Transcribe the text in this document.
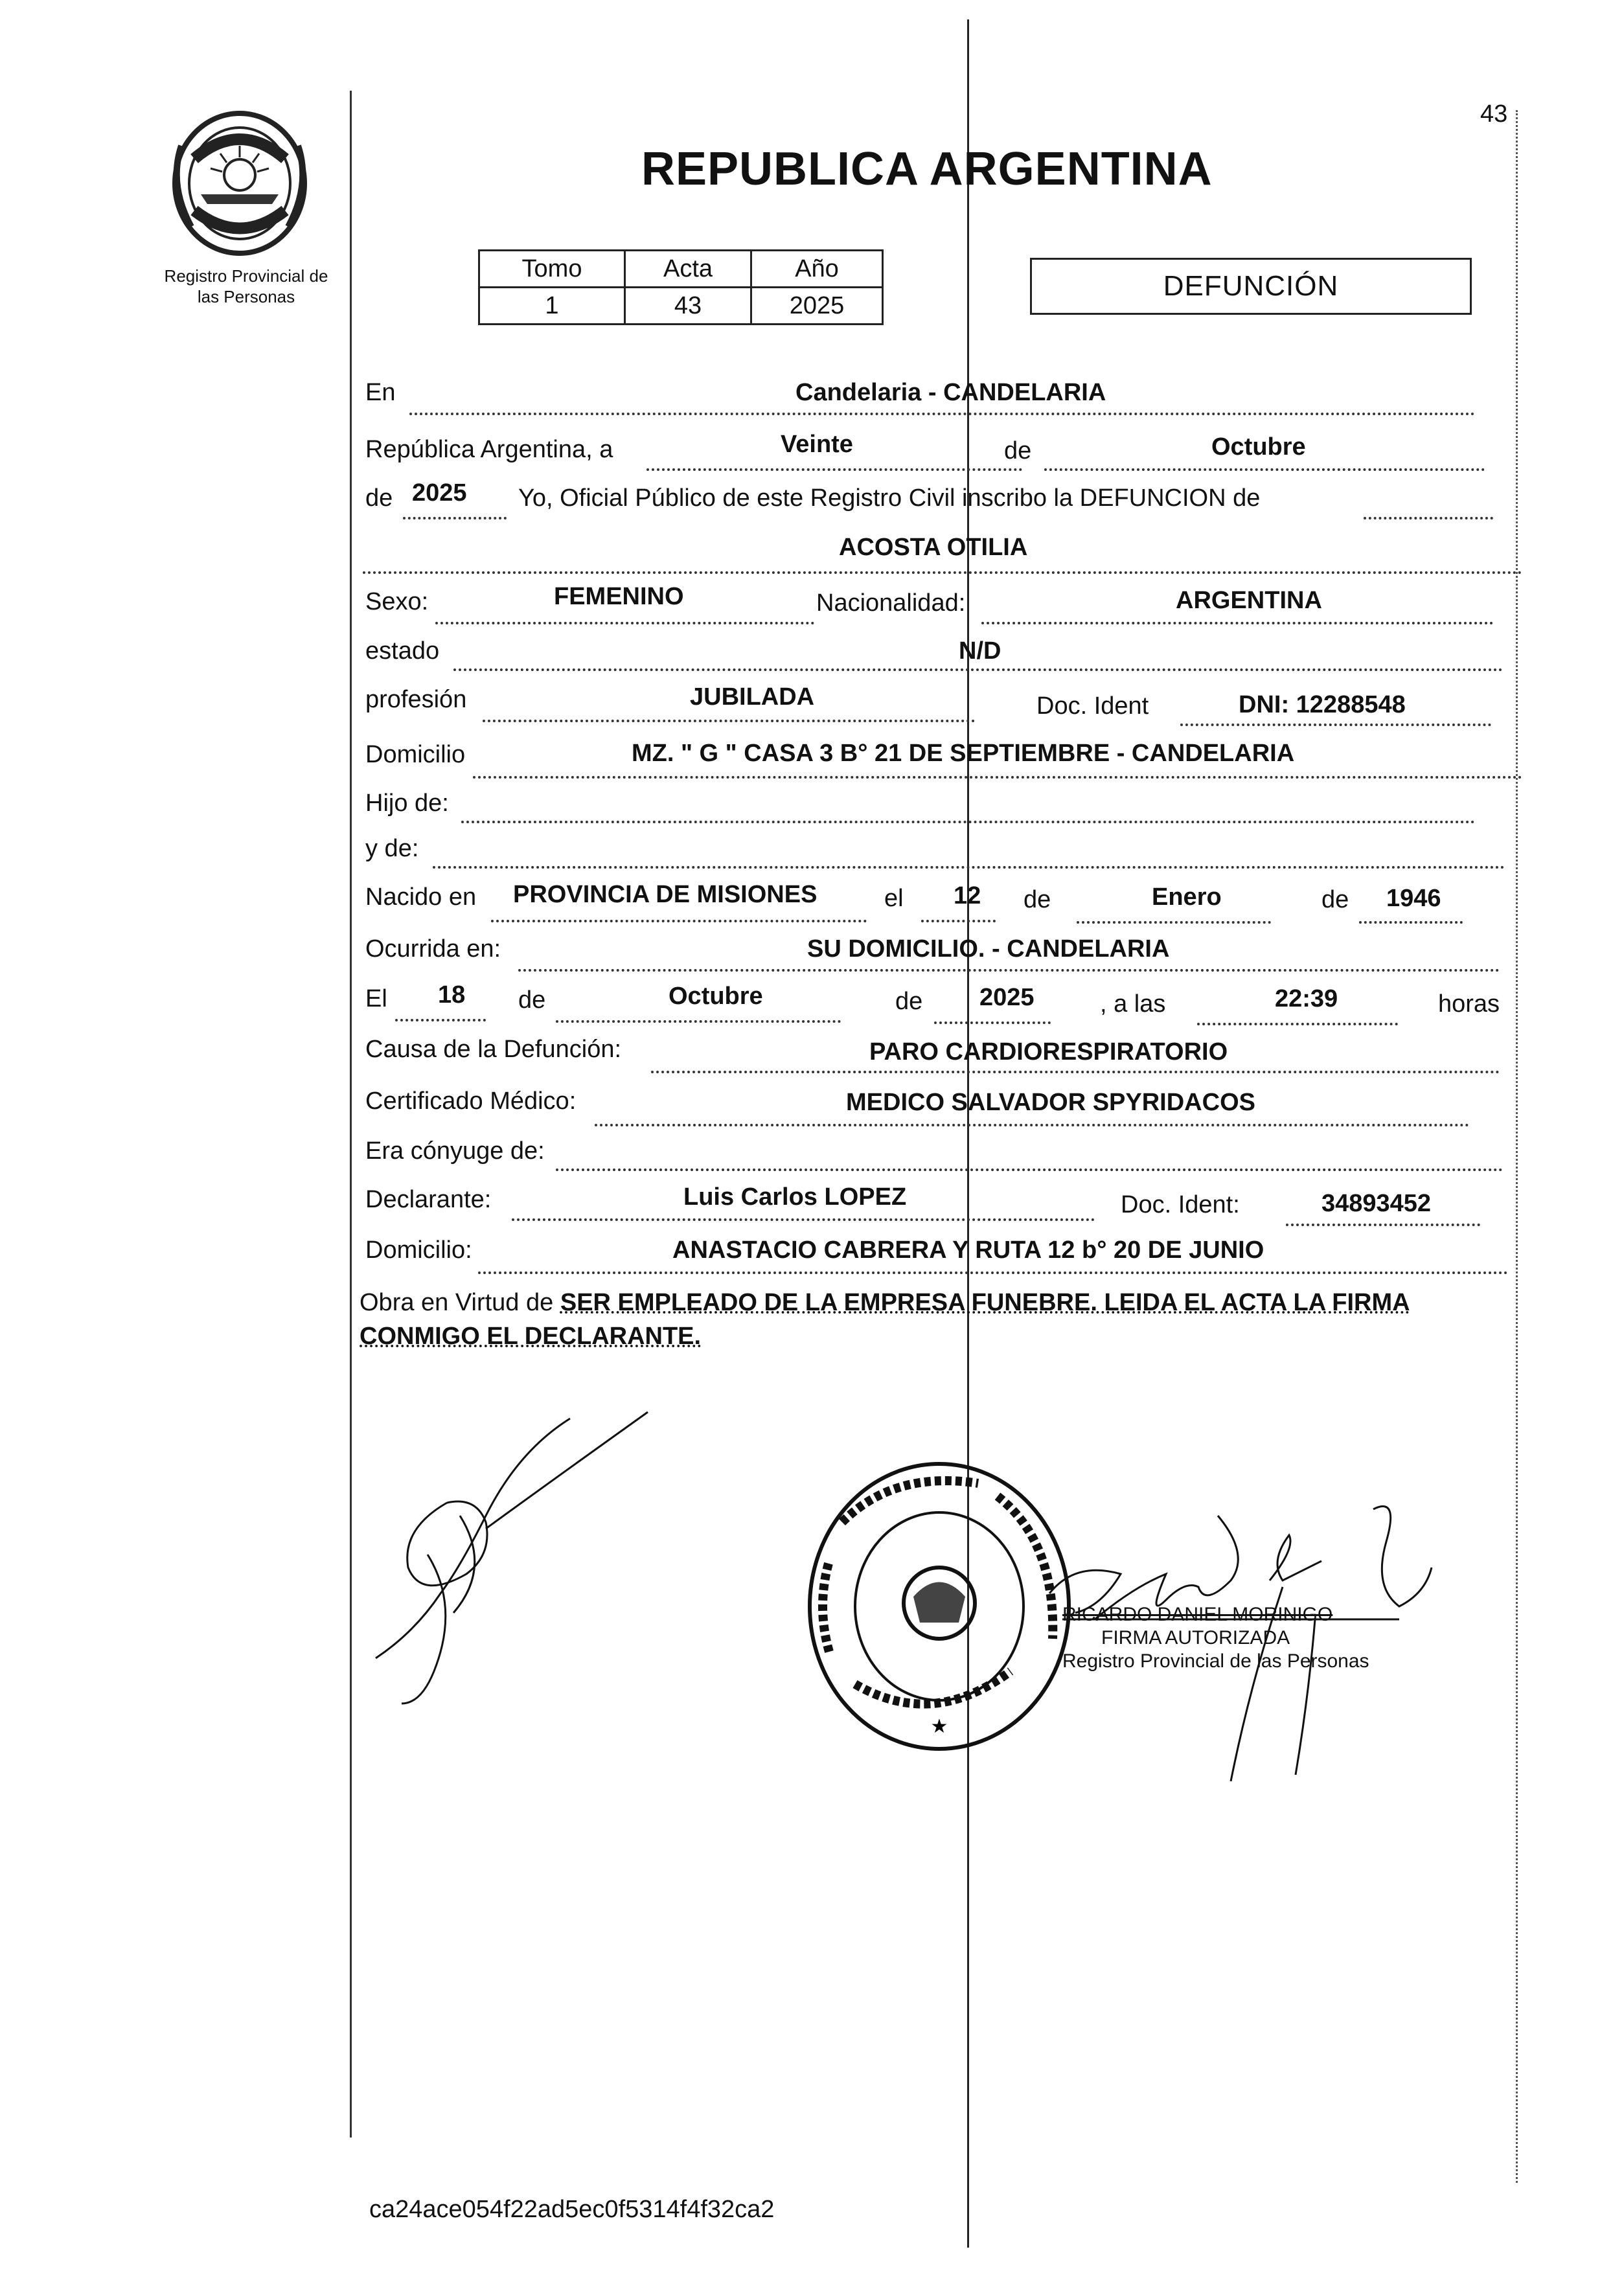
Registro Provincial de
las Personas
43
REPUBLICA ARGENTINA
Tomo	Acta	Año
1	43	2025
DEFUNCIÓN
En	Candelaria - CANDELARIA
República Argentina, a	Veinte	de	Octubre
de 2025 Yo, Oficial Público de este Registro Civil inscribo la DEFUNCION de
ACOSTA OTILIA
Sexo:	FEMENINO	Nacionalidad:	ARGENTINA
estado	N/D
profesión	JUBILADA	Doc. Ident	DNI: 12288548
Domicilio	MZ. " G " CASA 3 B° 21 DE SEPTIEMBRE - CANDELARIA
Hijo de:
y de:
Nacido en PROVINCIA DE MISIONES	el 12 de	Enero	de 1946
Ocurrida en:	SU DOMICILIO. - CANDELARIA
El 18 de	Octubre	de 2025	, a las	22:39	horas
Causa de la Defunción:	PARO CARDIORESPIRATORIO
Certificado Médico:	MEDICO SALVADOR SPYRIDACOS
Era cónyuge de:
Declarante:	Luis Carlos LOPEZ	Doc. Ident:	34893452
Domicilio:	ANASTACIO CABRERA Y RUTA 12 b° 20 DE JUNIO
Obra en Virtud de SER EMPLEADO DE LA EMPRESA FUNEBRE. LEIDA EL ACTA LA FIRMA CONMIGO EL DECLARANTE.
★
RICARDO DANIEL MORINIGO
FIRMA AUTORIZADA
Registro Provincial de las Personas
ca24ace054f22ad5ec0f5314f4f32ca2
